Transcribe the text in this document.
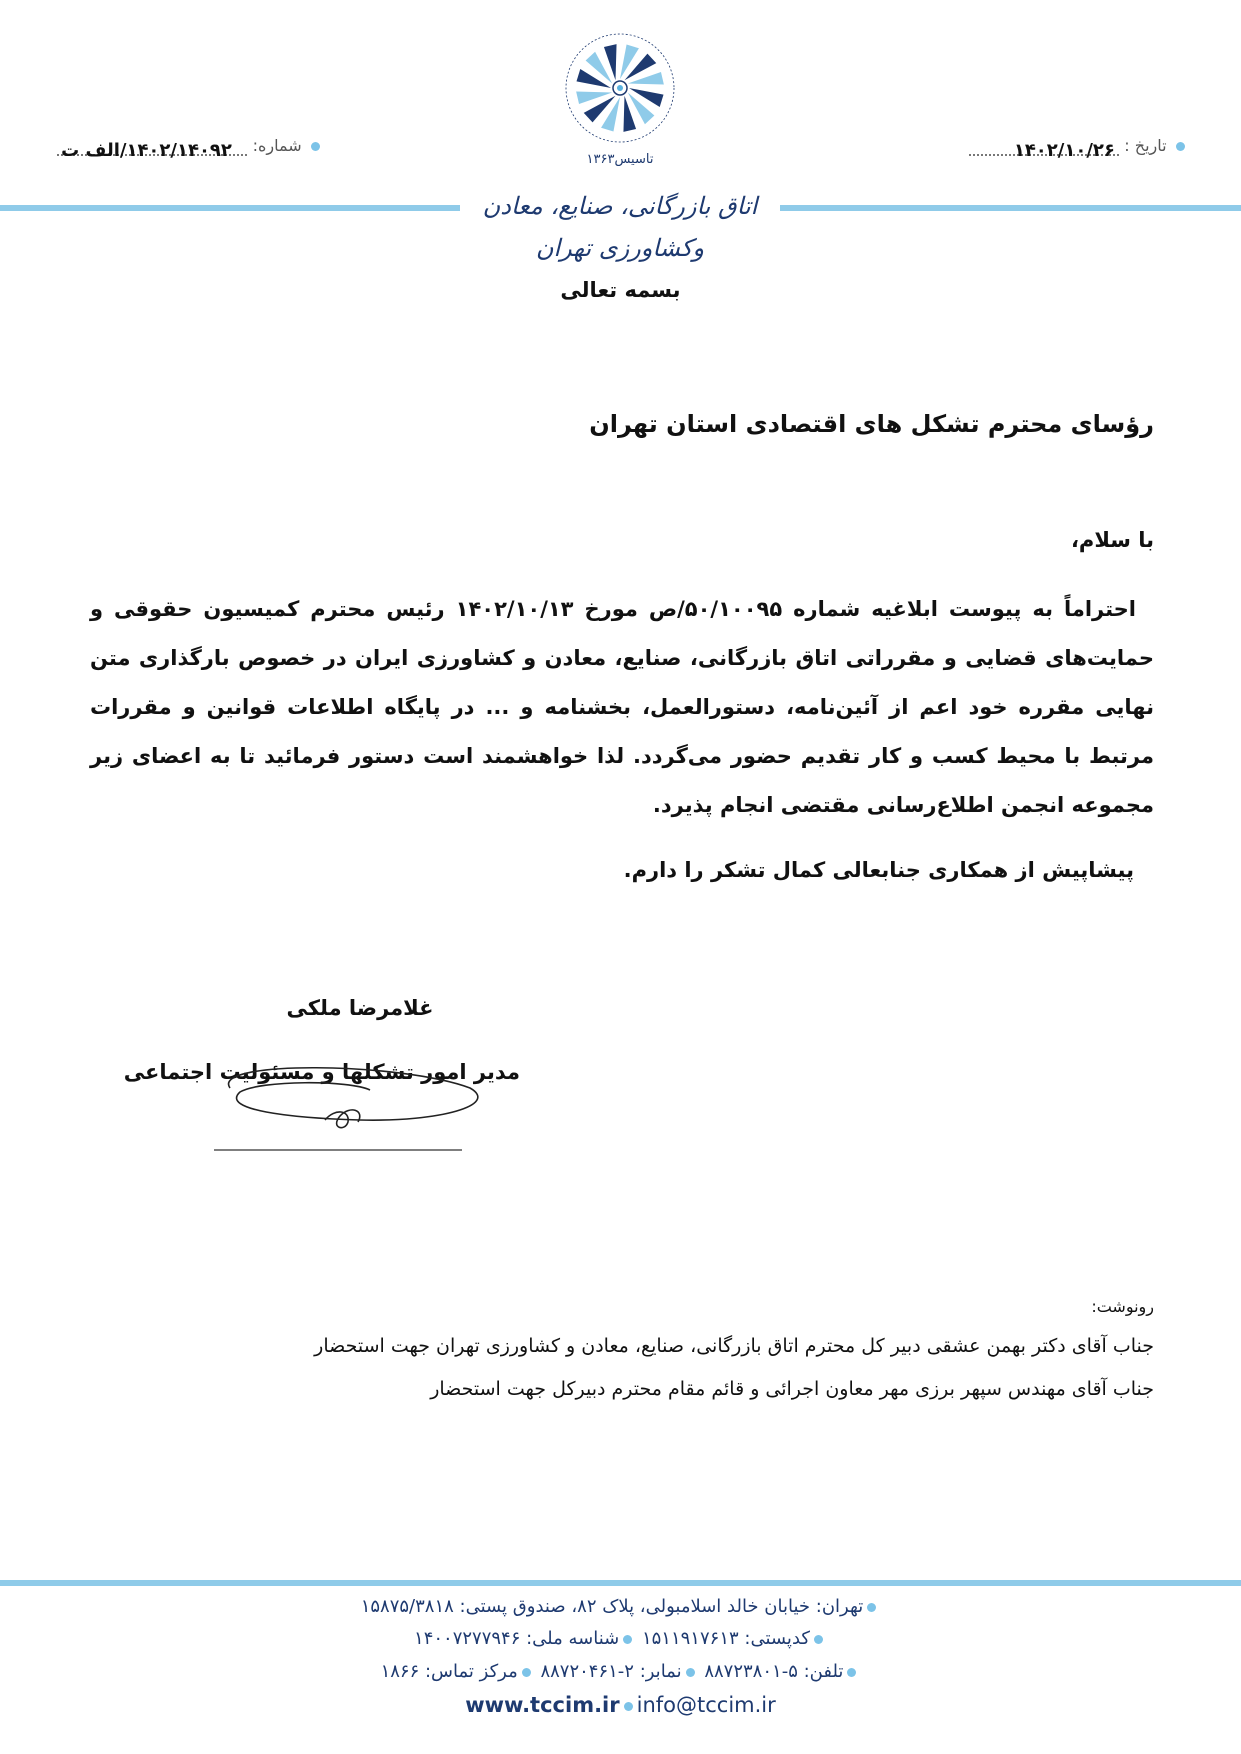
تاسیس۱۳۶۳
تاریخ : ۱۴۰۲/۱۰/۲۶
شماره: ۱۴۰۲/۱۴۰۹۲/الف ت
اتاق بازرگانی، صنایع، معادن وکشاورزی تهران
بسمه تعالی
رؤسای محترم تشکل های اقتصادی استان تهران
با سلام،
احتراماً به پیوست ابلاغیه شماره ۵۰/۱۰۰۹۵/ص مورخ ۱۴۰۲/۱۰/۱۳ رئیس محترم کمیسیون حقوقی و حمایت‌های قضایی و مقرراتی اتاق بازرگانی، صنایع، معادن و کشاورزی ایران در خصوص بارگذاری متن نهایی مقرره خود اعم از آئین‌نامه، دستورالعمل، بخشنامه و ... در پایگاه اطلاعات قوانین و مقررات مرتبط با محیط کسب و کار تقدیم حضور می‌گردد. لذا خواهشمند است دستور فرمائید تا به اعضای زیر مجموعه انجمن اطلاع‌رسانی مقتضی انجام پذیرد.
پیشاپیش از همکاری جنابعالی کمال تشکر را دارم.
غلامرضا ملکی
مدیر امور تشکلها و مسئولیت اجتماعی
رونوشت:
جناب آقای دکتر بهمن عشقی دبیر کل محترم اتاق بازرگانی، صنایع، معادن و کشاورزی تهران جهت استحضار
جناب آقای مهندس سپهر برزی مهر معاون اجرائی و قائم مقام محترم دبیرکل جهت استحضار
تهران: خیابان خالد اسلامبولی، پلاک ۸۲، صندوق پستی: ۱۵۸۷۵/۳۸۱۸
کدپستی: ۱۵۱۱۹۱۷۶۱۳ شناسه ملی: ۱۴۰۰۷۲۷۷۹۴۶
تلفن: ۵-۸۸۷۲۳۸۰۱ نمابر: ۲-۸۸۷۲۰۴۶۱ مرکز تماس: ۱۸۶۶
www.tccim.ir info@tccim.ir
